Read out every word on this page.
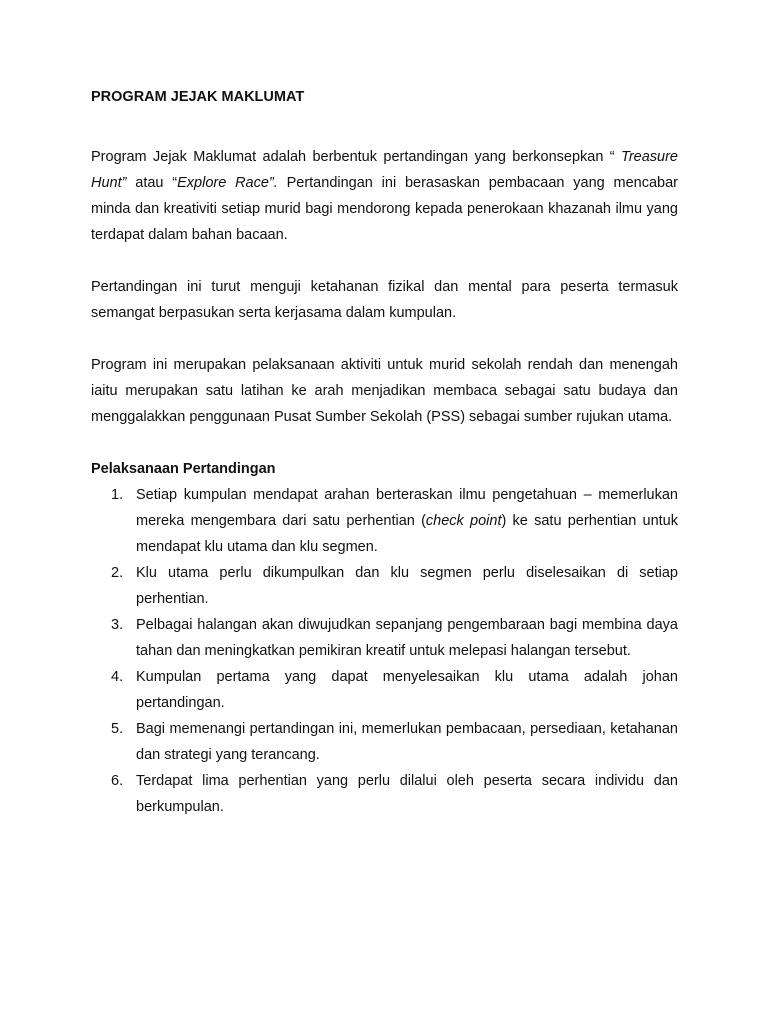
PROGRAM JEJAK MAKLUMAT

Program Jejak Maklumat adalah berbentuk pertandingan yang berkonsepkan “ Treasure Hunt” atau “Explore Race”. Pertandingan ini berasaskan pembacaan yang mencabar minda dan kreativiti setiap murid bagi mendorong kepada penerokaan khazanah ilmu yang terdapat dalam bahan bacaan.

Pertandingan ini turut menguji ketahanan fizikal dan mental para peserta termasuk semangat berpasukan serta kerjasama dalam kumpulan.

Program ini merupakan pelaksanaan aktiviti untuk murid sekolah rendah dan menengah iaitu merupakan satu latihan ke arah menjadikan membaca sebagai satu budaya dan menggalakkan penggunaan Pusat Sumber Sekolah (PSS) sebagai sumber rujukan utama.

Pelaksanaan Pertandingan
1. Setiap kumpulan mendapat arahan berteraskan ilmu pengetahuan – memerlukan mereka mengembara dari satu perhentian (check point) ke satu perhentian untuk mendapat klu utama dan klu segmen.
2. Klu utama perlu dikumpulkan dan klu segmen perlu diselesaikan di setiap perhentian.
3. Pelbagai halangan akan diwujudkan sepanjang pengembaraan bagi membina daya tahan dan meningkatkan pemikiran kreatif untuk melepasi halangan tersebut.
4. Kumpulan pertama yang dapat menyelesaikan klu utama adalah johan pertandingan.
5. Bagi memenangi pertandingan ini, memerlukan pembacaan, persediaan, ketahanan dan strategi yang terancang.
6. Terdapat lima perhentian yang perlu dilalui oleh peserta secara individu dan berkumpulan.
